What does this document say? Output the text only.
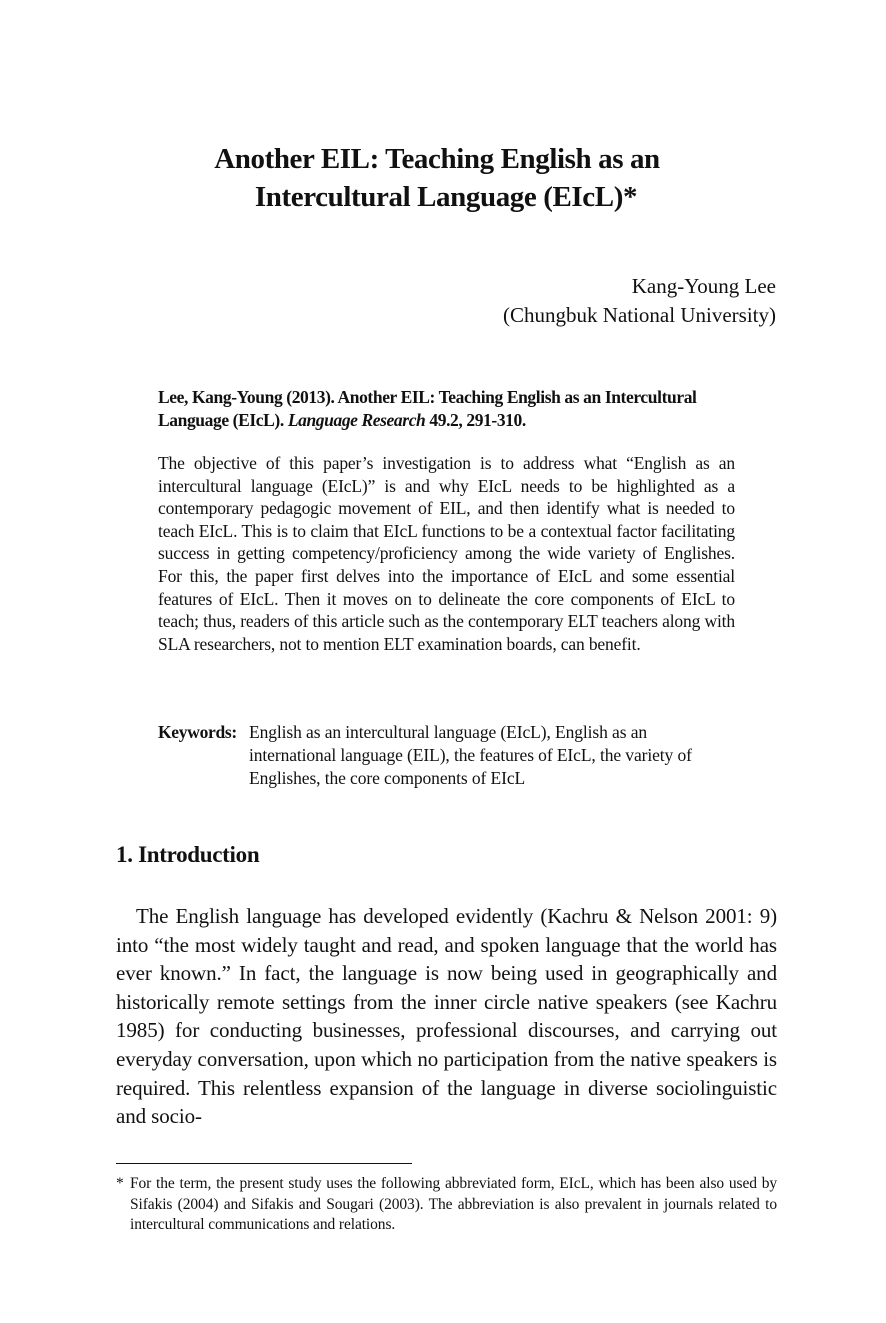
Another EIL: Teaching English as an
Intercultural Language (EIcL)*
Kang-Young Lee
(Chungbuk National University)
Lee, Kang-Young (2013). Another EIL: Teaching English as an Intercultural Language (EIcL). Language Research 49.2, 291-310.
The objective of this paper’s investigation is to address what “English as an intercultural language (EIcL)” is and why EIcL needs to be highlighted as a contemporary pedagogic movement of EIL, and then identify what is needed to teach EIcL. This is to claim that EIcL functions to be a contextual factor facilitating success in getting competency/proficiency among the wide variety of Englishes. For this, the paper first delves into the importance of EIcL and some essential features of EIcL. Then it moves on to delineate the core components of EIcL to teach; thus, readers of this article such as the contemporary ELT teachers along with SLA researchers, not to mention ELT examination boards, can benefit.
Keywords: English as an intercultural language (EIcL), English as an international language (EIL), the features of EIcL, the variety of Englishes, the core components of EIcL
1. Introduction
The English language has developed evidently (Kachru & Nelson 2001: 9) into “the most widely taught and read, and spoken language that the world has ever known.” In fact, the language is now being used in geographically and historically remote settings from the inner circle native speakers (see Kachru 1985) for conducting businesses, professional discourses, and carrying out everyday conversation, upon which no participation from the native speakers is required. This relentless expansion of the language in diverse sociolinguistic and socio-
* For the term, the present study uses the following abbreviated form, EIcL, which has been also used by Sifakis (2004) and Sifakis and Sougari (2003). The abbreviation is also prevalent in journals related to intercultural communications and relations.
